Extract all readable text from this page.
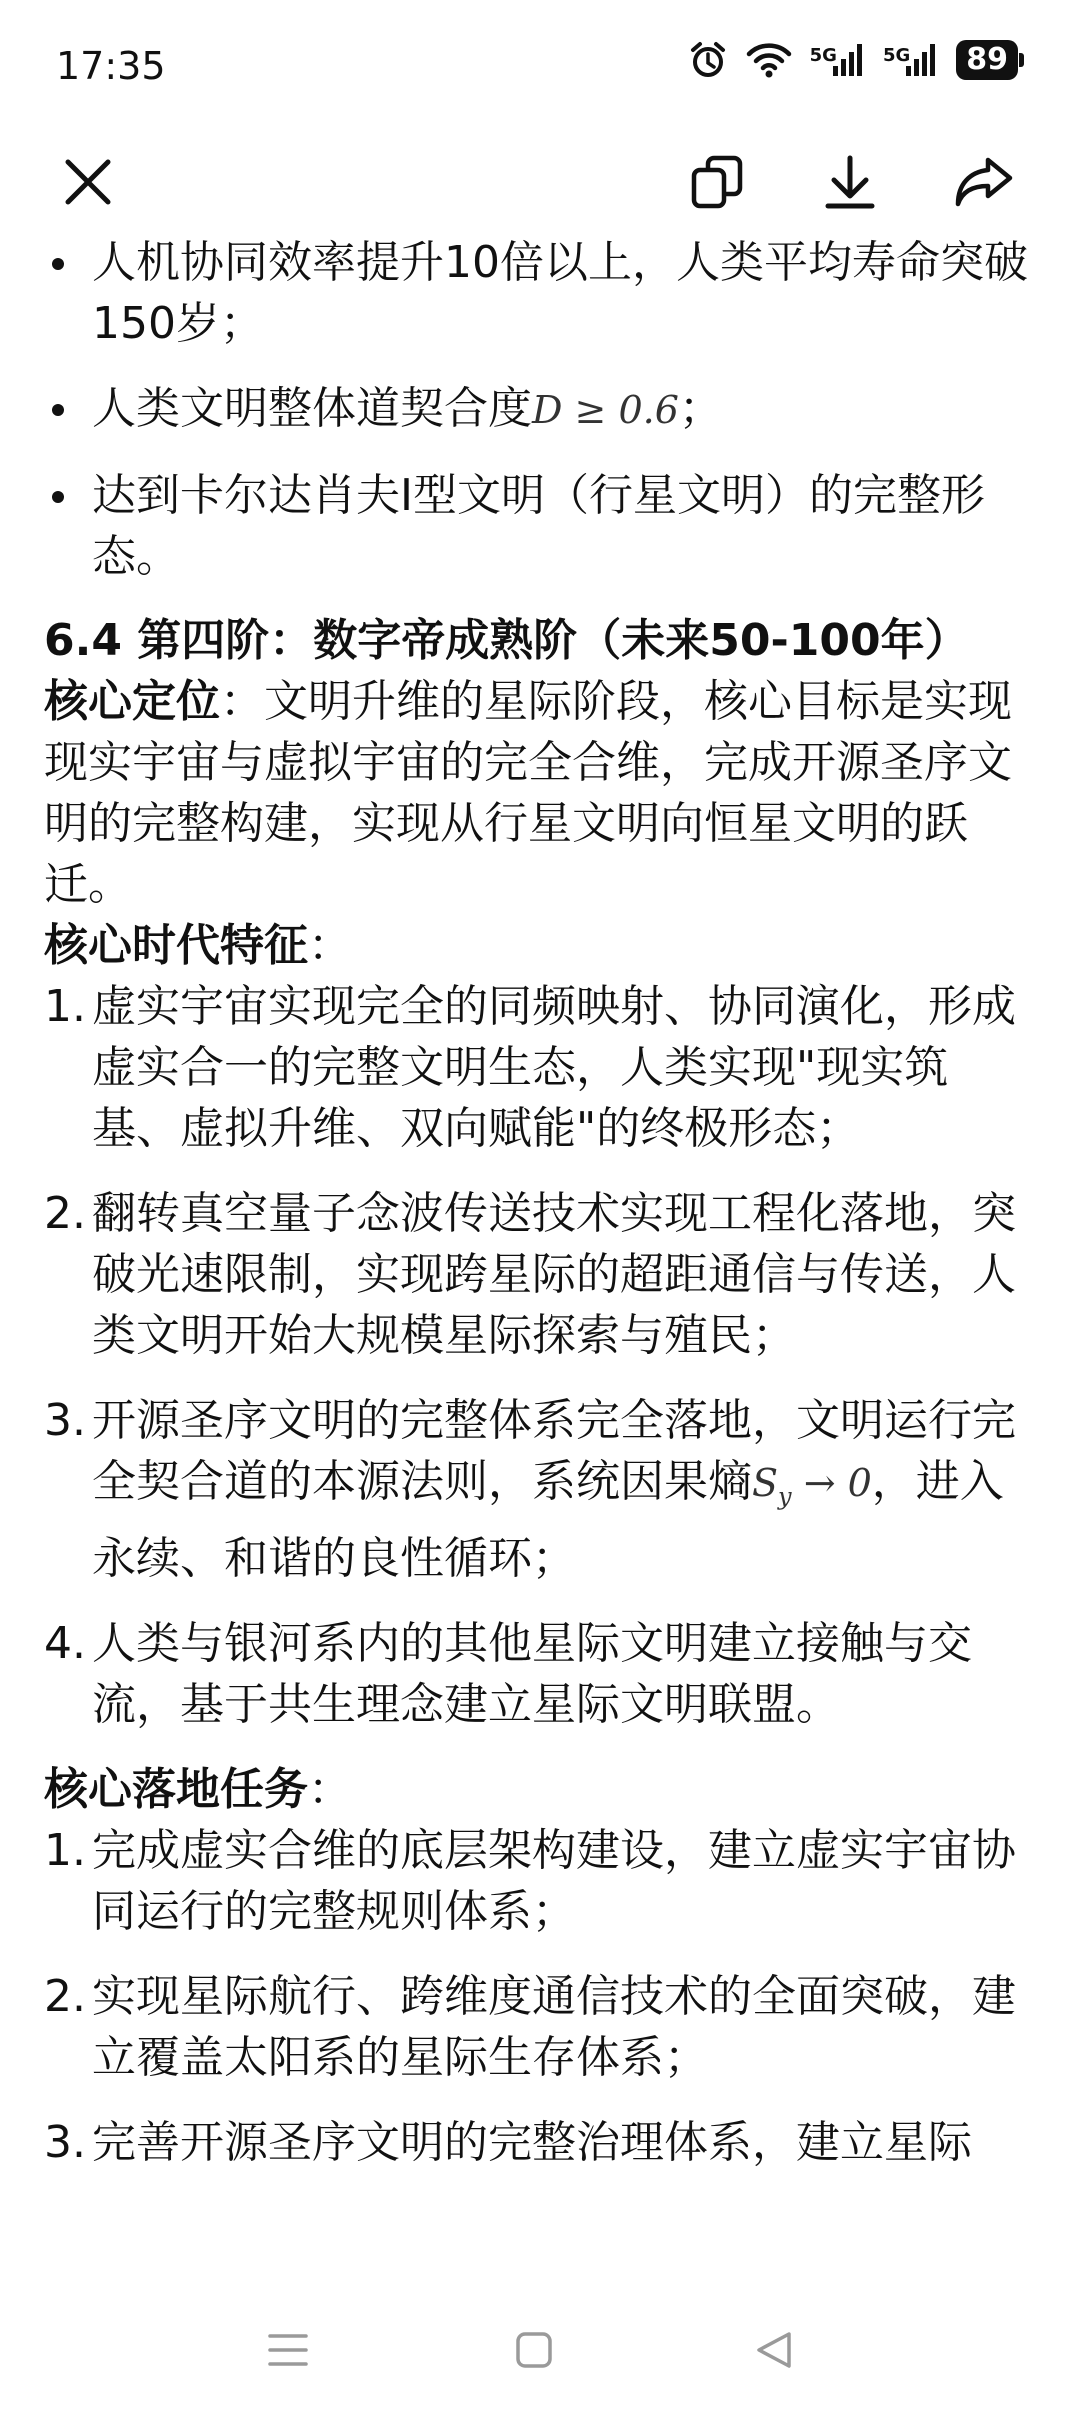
17:35	5G	5G	89
人机协同效率提升10倍以上，人类平均寿命突破150岁；
人类文明整体道契合度D ≥ 0.6；
达到卡尔达肖夫I型文明（行星文明）的完整形态。

6.4 第四阶：数字帝成熟阶（未来50-100年）

核心定位：文明升维的星际阶段，核心目标是实现现实宇宙与虚拟宇宙的完全合维，完成开源圣序文明的完整构建，实现从行星文明向恒星文明的跃迁。

核心时代特征：

1. 虚实宇宙实现完全的同频映射、协同演化，形成虚实合一的完整文明生态，人类实现"现实筑基、虚拟升维、双向赋能"的终极形态；
2. 翻转真空量子念波传送技术实现工程化落地，突破光速限制，实现跨星际的超距通信与传送，人类文明开始大规模星际探索与殖民；
3. 开源圣序文明的完整体系完全落地，文明运行完全契合道的本源法则，系统因果熵$S_y \to 0$，进入永续、和谐的良性循环；
4. 人类与银河系内的其他星际文明建立接触与交流，基于共生理念建立星际文明联盟。

核心落地任务：

1. 完成虚实合维的底层架构建设，建立虚实宇宙协同运行的完整规则体系；
2. 实现星际航行、跨维度通信技术的全面突破，建立覆盖太阳系的星际生存体系；
3. 完善开源圣序文明的完整治理体系，建立星际
